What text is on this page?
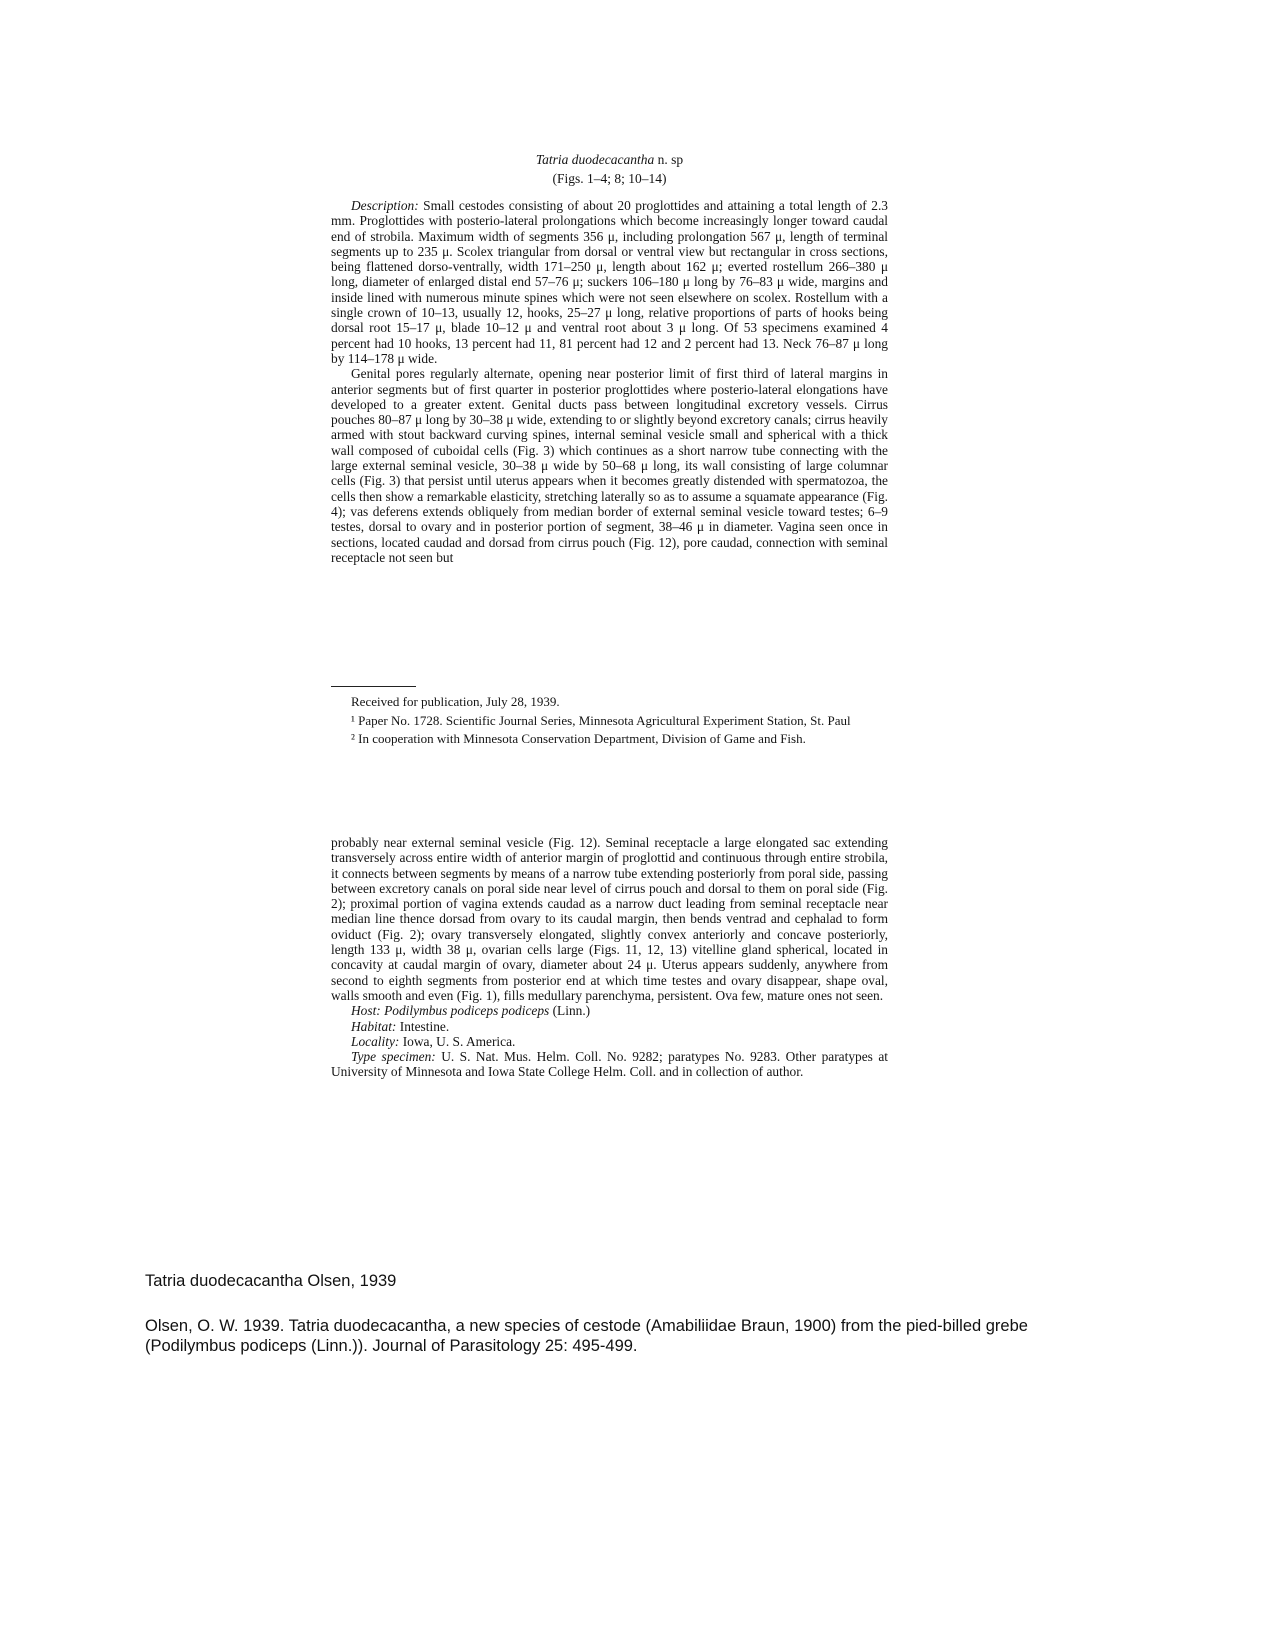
Tatria duodecacantha n. sp
(Figs. 1–4; 8; 10–14)

Description: Small cestodes consisting of about 20 proglottides and attaining a total length of 2.3 mm. Proglottides with posterio-lateral prolongations which become increasingly longer toward caudal end of strobila. Maximum width of segments 356 μ, including prolongation 567 μ, length of terminal segments up to 235 μ. Scolex triangular from dorsal or ventral view but rectangular in cross sections, being flattened dorso-ventrally, width 171–250 μ, length about 162 μ; everted rostellum 266–380 μ long, diameter of enlarged distal end 57–76 μ; suckers 106–180 μ long by 76–83 μ wide, margins and inside lined with numerous minute spines which were not seen elsewhere on scolex. Rostellum with a single crown of 10–13, usually 12, hooks, 25–27 μ long, relative proportions of parts of hooks being dorsal root 15–17 μ, blade 10–12 μ and ventral root about 3 μ long. Of 53 specimens examined 4 percent had 10 hooks, 13 percent had 11, 81 percent had 12 and 2 percent had 13. Neck 76–87 μ long by 114–178 μ wide.

Genital pores regularly alternate, opening near posterior limit of first third of lateral margins in anterior segments but of first quarter in posterior proglottides where posterio-lateral elongations have developed to a greater extent. Genital ducts pass between longitudinal excretory vessels. Cirrus pouches 80–87 μ long by 30–38 μ wide, extending to or slightly beyond excretory canals; cirrus heavily armed with stout backward curving spines, internal seminal vesicle small and spherical with a thick wall composed of cuboidal cells (Fig. 3) which continues as a short narrow tube connecting with the large external seminal vesicle, 30–38 μ wide by 50–68 μ long, its wall consisting of large columnar cells (Fig. 3) that persist until uterus appears when it becomes greatly distended with spermatozoa, the cells then show a remarkable elasticity, stretching laterally so as to assume a squamate appearance (Fig. 4); vas deferens extends obliquely from median border of external seminal vesicle toward testes; 6–9 testes, dorsal to ovary and in posterior portion of segment, 38–46 μ in diameter. Vagina seen once in sections, located caudad and dorsad from cirrus pouch (Fig. 12), pore caudad, connection with seminal receptacle not seen but

Received for publication, July 28, 1939.

¹ Paper No. 1728. Scientific Journal Series, Minnesota Agricultural Experiment Station, St. Paul

² In cooperation with Minnesota Conservation Department, Division of Game and Fish.

probably near external seminal vesicle (Fig. 12). Seminal receptacle a large elongated sac extending transversely across entire width of anterior margin of proglottid and continuous through entire strobila, it connects between segments by means of a narrow tube extending posteriorly from poral side, passing between excretory canals on poral side near level of cirrus pouch and dorsal to them on poral side (Fig. 2); proximal portion of vagina extends caudad as a narrow duct leading from seminal receptacle near median line thence dorsad from ovary to its caudal margin, then bends ventrad and cephalad to form oviduct (Fig. 2); ovary transversely elongated, slightly convex anteriorly and concave posteriorly, length 133 μ, width 38 μ, ovarian cells large (Figs. 11, 12, 13) vitelline gland spherical, located in concavity at caudal margin of ovary, diameter about 24 μ. Uterus appears suddenly, anywhere from second to eighth segments from posterior end at which time testes and ovary disappear, shape oval, walls smooth and even (Fig. 1), fills medullary parenchyma, persistent. Ova few, mature ones not seen.

Host: Podilymbus podiceps podiceps (Linn.)

Habitat: Intestine.

Locality: Iowa, U. S. America.

Type specimen: U. S. Nat. Mus. Helm. Coll. No. 9282; paratypes No. 9283. Other paratypes at University of Minnesota and Iowa State College Helm. Coll. and in collection of author.

Tatria duodecacantha Olsen, 1939
Olsen, O. W. 1939. Tatria duodecacantha, a new species of cestode (Amabiliidae Braun, 1900) from the pied-billed grebe (Podilymbus podiceps (Linn.)). Journal of Parasitology 25: 495-499.
